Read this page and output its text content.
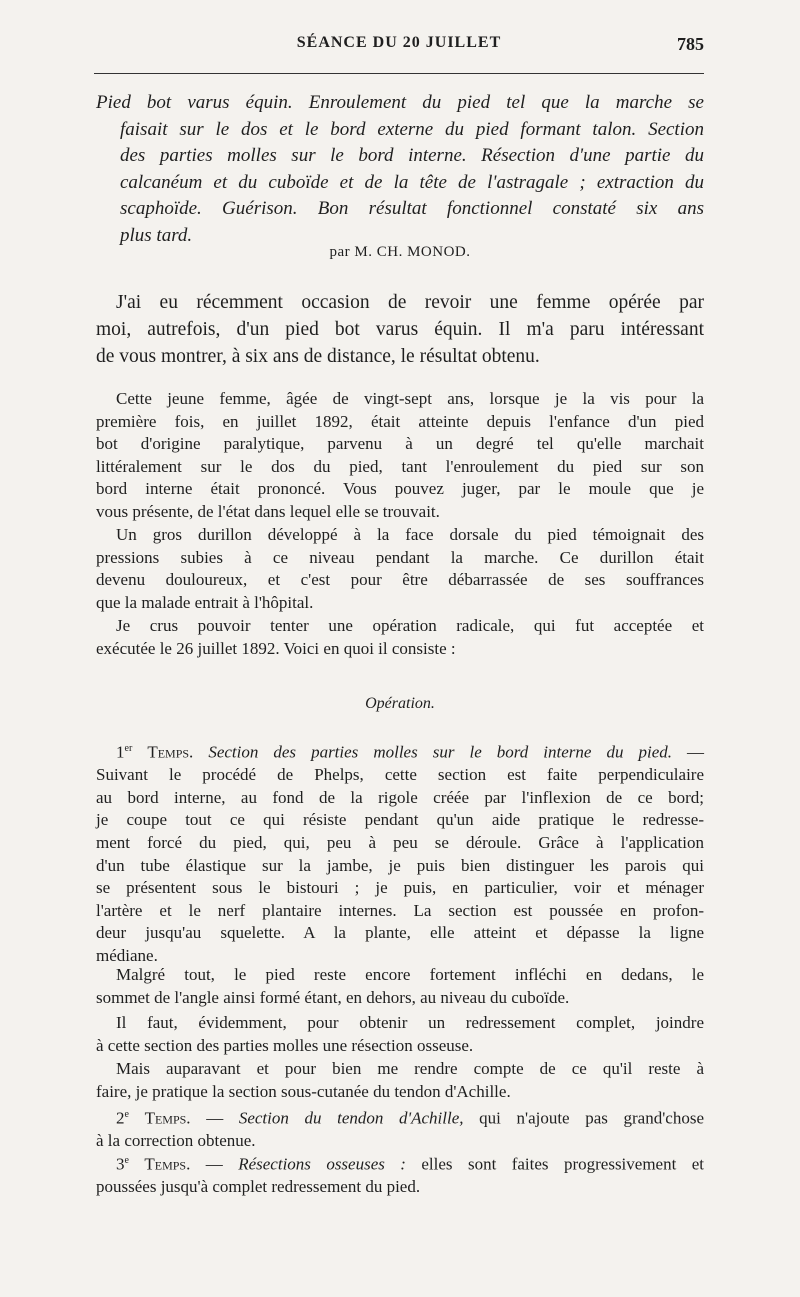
SÉANCE DU 20 JUILLET	785
Pied bot varus équin. Enroulement du pied tel que la marche se
faisait sur le dos et le bord externe du pied formant talon. Section
des parties molles sur le bord interne. Résection d'une partie du
calcanéum et du cuboïde et de la tête de l'astragale ; extraction du
scaphoïde. Guérison. Bon résultat fonctionnel constaté six ans
plus tard.
par M. CH. MONOD.
J'ai eu récemment occasion de revoir une femme opérée par
moi, autrefois, d'un pied bot varus équin. Il m'a paru intéressant
de vous montrer, à six ans de distance, le résultat obtenu.
Cette jeune femme, âgée de vingt-sept ans, lorsque je la vis pour la
première fois, en juillet 1892, était atteinte depuis l'enfance d'un pied
bot d'origine paralytique, parvenu à un degré tel qu'elle marchait
littéralement sur le dos du pied, tant l'enroulement du pied sur son
bord interne était prononcé. Vous pouvez juger, par le moule que je
vous présente, de l'état dans lequel elle se trouvait.
Un gros durillon développé à la face dorsale du pied témoignait des
pressions subies à ce niveau pendant la marche. Ce durillon était
devenu douloureux, et c'est pour être débarrassée de ses souffrances
que la malade entrait à l'hôpital.
Je crus pouvoir tenter une opération radicale, qui fut acceptée et
exécutée le 26 juillet 1892. Voici en quoi il consiste :
Opération.
1er Temps. Section des parties molles sur le bord interne du pied. —
Suivant le procédé de Phelps, cette section est faite perpendiculaire
au bord interne, au fond de la rigole créée par l'inflexion de ce bord;
je coupe tout ce qui résiste pendant qu'un aide pratique le redresse-
ment forcé du pied, qui, peu à peu se déroule. Grâce à l'application
d'un tube élastique sur la jambe, je puis bien distinguer les parois qui
se présentent sous le bistouri ; je puis, en particulier, voir et ménager
l'artère et le nerf plantaire internes. La section est poussée en profon-
deur jusqu'au squelette. A la plante, elle atteint et dépasse la ligne
médiane.
Malgré tout, le pied reste encore fortement infléchi en dedans, le
sommet de l'angle ainsi formé étant, en dehors, au niveau du cuboïde.
Il faut, évidemment, pour obtenir un redressement complet, joindre
à cette section des parties molles une résection osseuse.
Mais auparavant et pour bien me rendre compte de ce qu'il reste à
faire, je pratique la section sous-cutanée du tendon d'Achille.
2e Temps. — Section du tendon d'Achille, qui n'ajoute pas grand'chose
à la correction obtenue.
3e Temps. — Résections osseuses : elles sont faites progressivement et
poussées jusqu'à complet redressement du pied.
